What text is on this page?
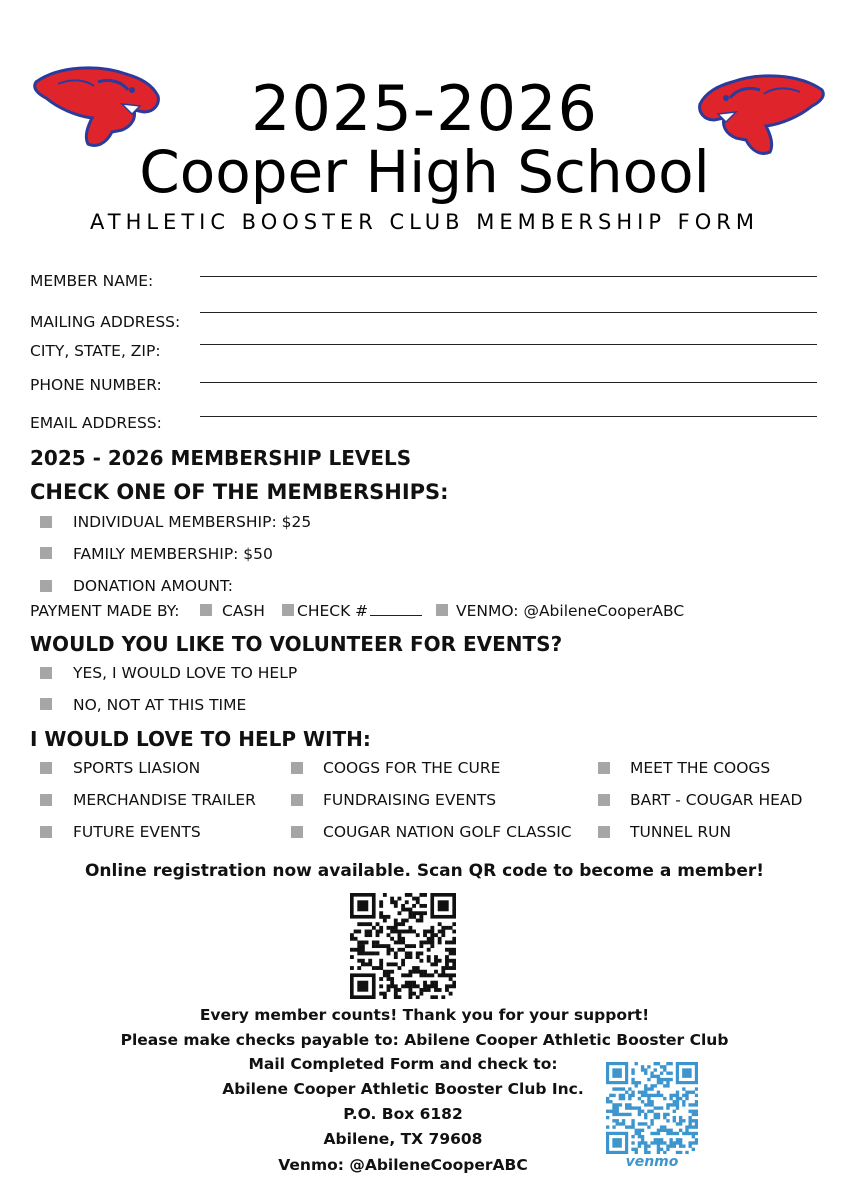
2025-2026
Cooper High School
ATHLETIC BOOSTER CLUB MEMBERSHIP FORM
MEMBER NAME:
MAILING ADDRESS:
CITY, STATE, ZIP:
PHONE NUMBER:
EMAIL ADDRESS:
2025 - 2026 MEMBERSHIP LEVELS
CHECK ONE OF THE MEMBERSHIPS:
INDIVIDUAL MEMBERSHIP: $25
FAMILY MEMBERSHIP: $50
DONATION AMOUNT:
PAYMENT MADE BY:	CASH CHECK #	VENMO: @AbileneCooperABC
WOULD YOU LIKE TO VOLUNTEER FOR EVENTS?
YES, I WOULD LOVE TO HELP
NO, NOT AT THIS TIME
I WOULD LOVE TO HELP WITH:
SPORTS LIASION
MERCHANDISE TRAILER
FUTURE EVENTS
COOGS FOR THE CURE
FUNDRAISING EVENTS
COUGAR NATION GOLF CLASSIC
MEET THE COOGS
BART - COUGAR HEAD
TUNNEL RUN
Online registration now available. Scan QR code to become a member!
Every member counts! Thank you for your support!
Please make checks payable to: Abilene Cooper Athletic Booster Club
Mail Completed Form and check to:
Abilene Cooper Athletic Booster Club Inc.
P.O. Box 6182
Abilene, TX 79608
Venmo: @AbileneCooperABC	venmo
